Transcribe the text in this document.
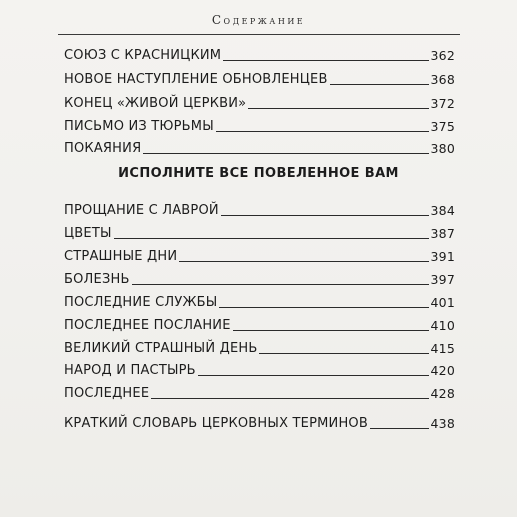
Содержание
СОЮЗ С КРАСНИЦКИМ	362
НОВОЕ НАСТУПЛЕНИЕ ОБНОВЛЕНЦЕВ	368
КОНЕЦ «ЖИВОЙ ЦЕРКВИ»	372
ПИСЬМО ИЗ ТЮРЬМЫ	375
ПОКАЯНИЯ	380
ИСПОЛНИТЕ ВСЕ ПОВЕЛЕННОЕ ВАМ
ПРОЩАНИЕ С ЛАВРОЙ	384
ЦВЕТЫ	387
СТРАШНЫЕ ДНИ	391
БОЛЕЗНЬ	397
ПОСЛЕДНИЕ СЛУЖБЫ	401
ПОСЛЕДНЕЕ ПОСЛАНИЕ	410
ВЕЛИКИЙ СТРАШНЫЙ ДЕНЬ	415
НАРОД И ПАСТЫРЬ	420
ПОСЛЕДНЕЕ	428
КРАТКИЙ СЛОВАРЬ ЦЕРКОВНЫХ ТЕРМИНОВ	438
